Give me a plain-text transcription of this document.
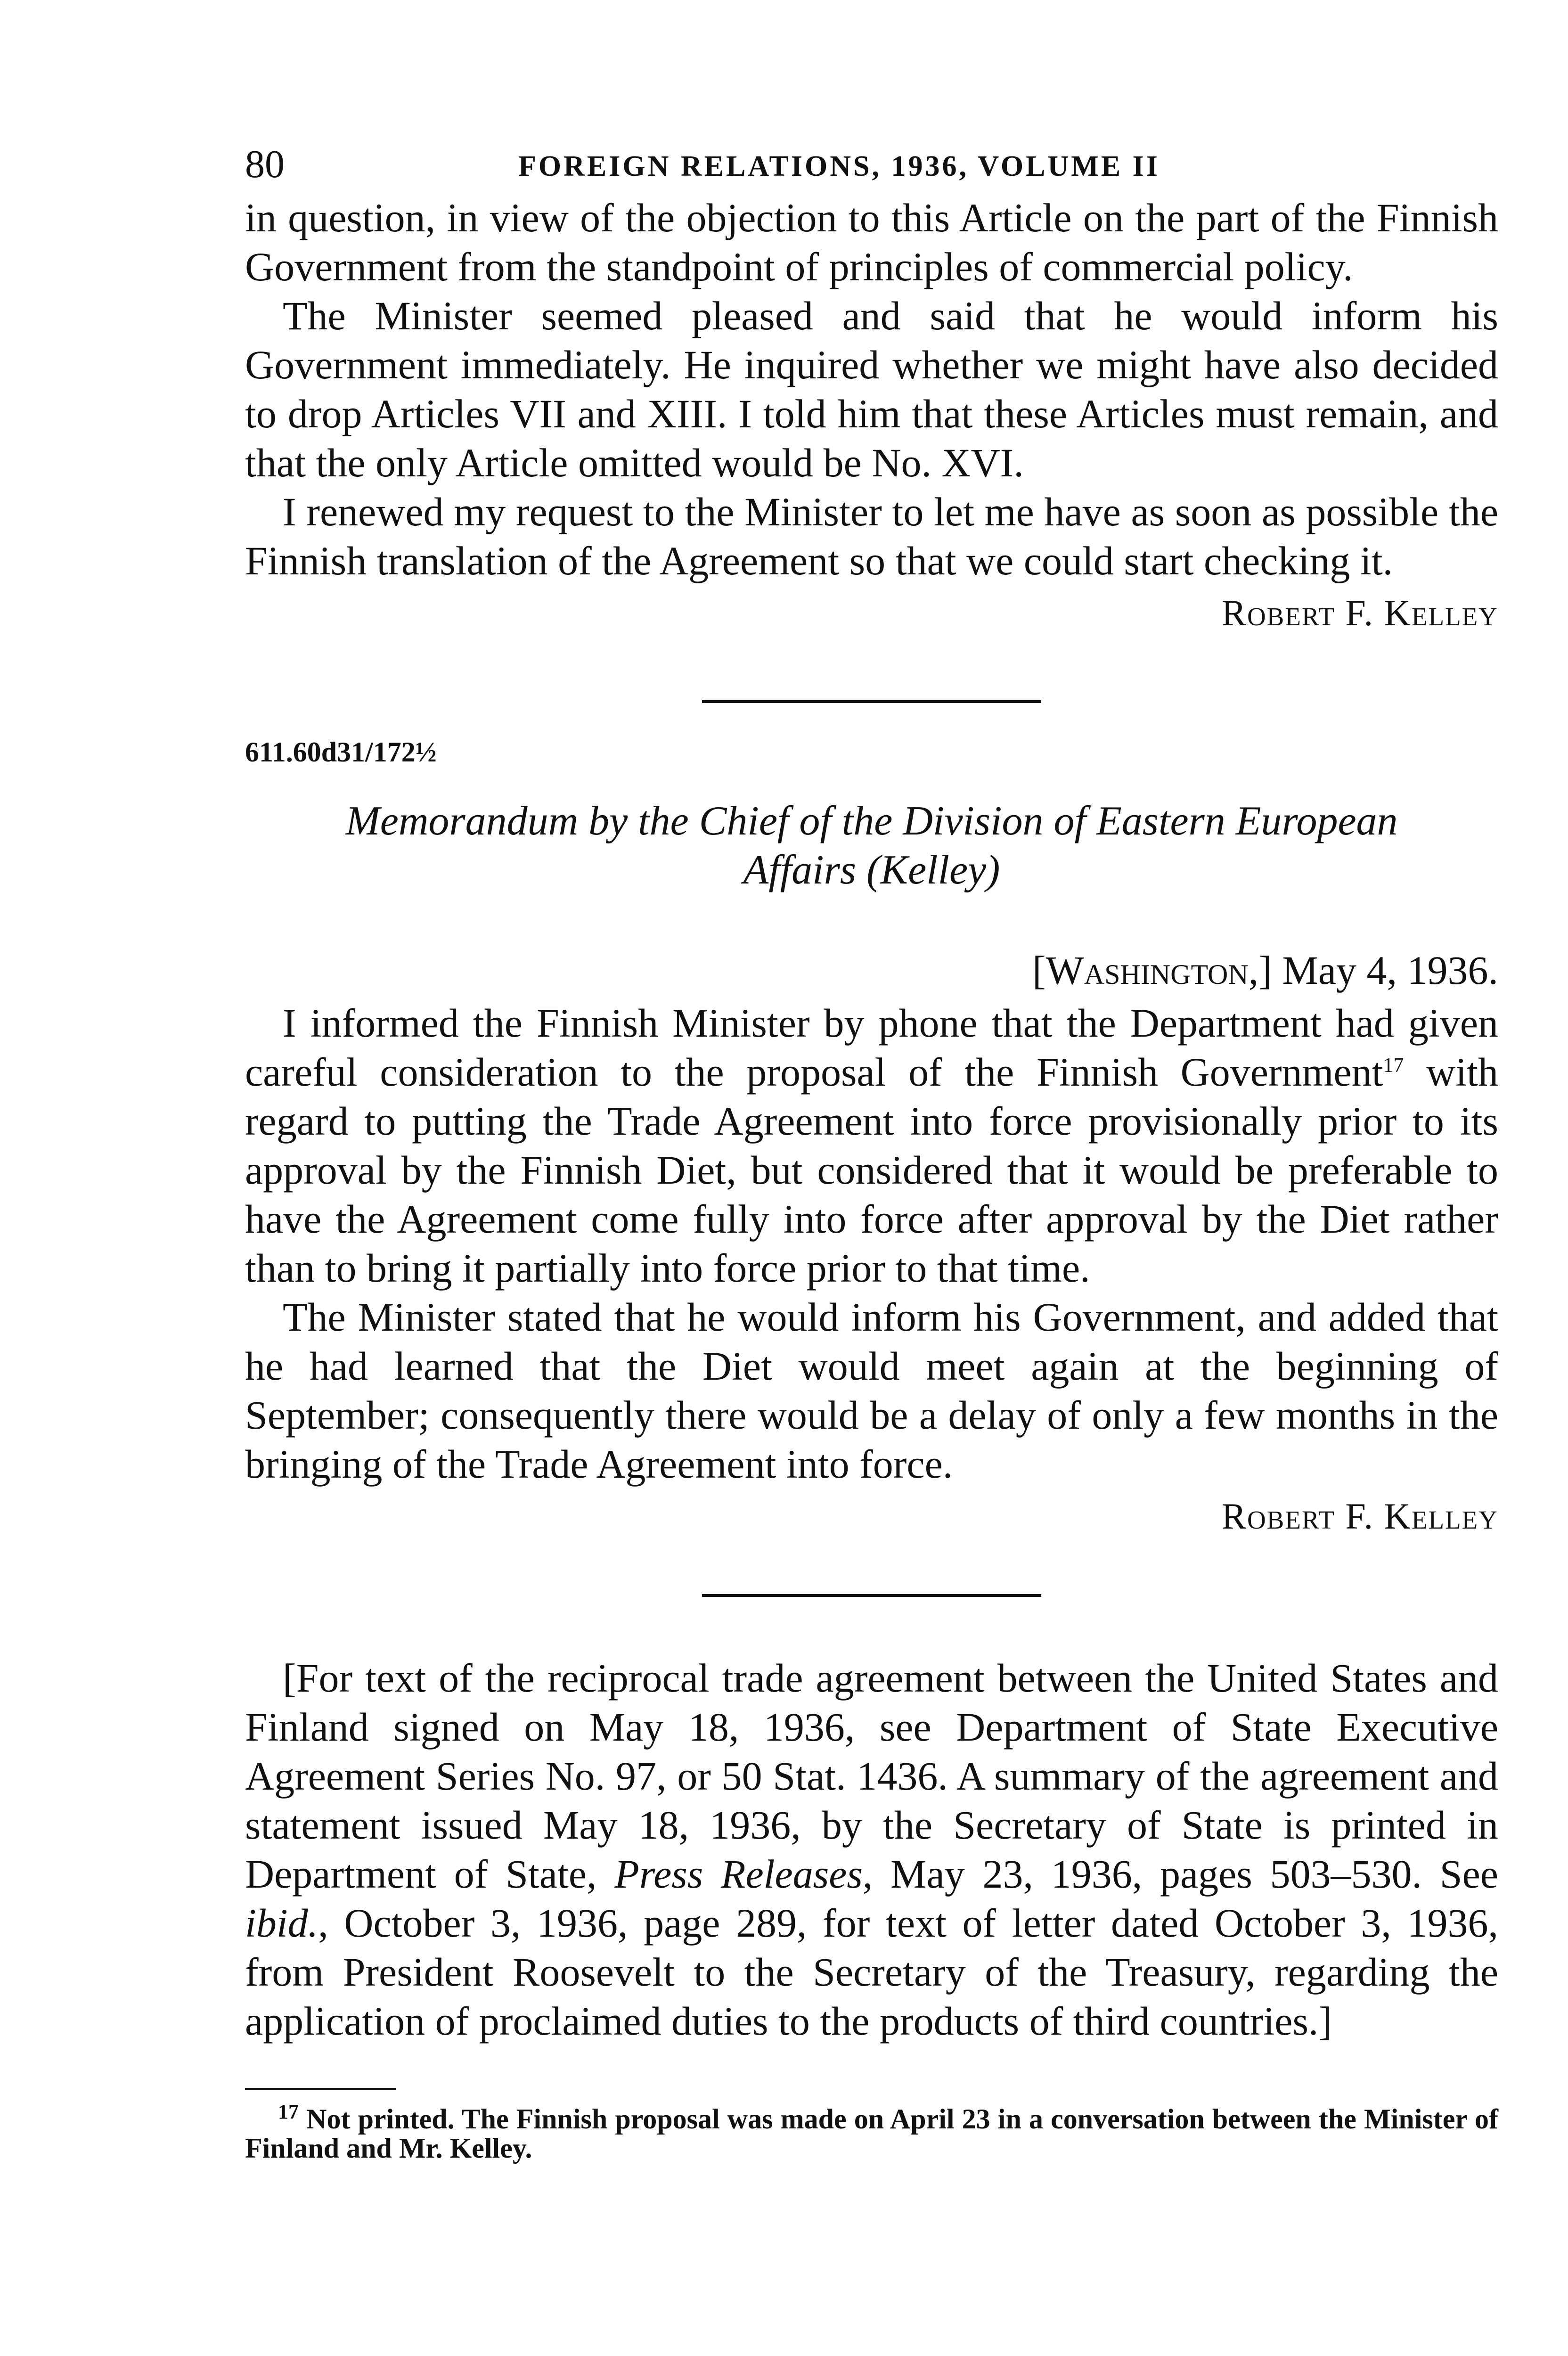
80	FOREIGN RELATIONS, 1936, VOLUME II

in question, in view of the objection to this Article on the part of the Finnish Government from the standpoint of principles of commercial policy.

The Minister seemed pleased and said that he would inform his Government immediately. He inquired whether we might have also decided to drop Articles VII and XIII. I told him that these Articles must remain, and that the only Article omitted would be No. XVI.

I renewed my request to the Minister to let me have as soon as possible the Finnish translation of the Agreement so that we could start checking it.

Robert F. Kelley
611.60d31/172½
Memorandum by the Chief of the Division of Eastern European
Affairs (Kelley)
[Washington,] May 4, 1936.

I informed the Finnish Minister by phone that the Department had given careful consideration to the proposal of the Finnish Government$^{17}$ with regard to putting the Trade Agreement into force provisionally prior to its approval by the Finnish Diet, but considered that it would be preferable to have the Agreement come fully into force after approval by the Diet rather than to bring it partially into force prior to that time.

The Minister stated that he would inform his Government, and added that he had learned that the Diet would meet again at the beginning of September; consequently there would be a delay of only a few months in the bringing of the Trade Agreement into force.

Robert F. Kelley

[For text of the reciprocal trade agreement between the United States and Finland signed on May 18, 1936, see Department of State Executive Agreement Series No. 97, or 50 Stat. 1436. A summary of the agreement and statement issued May 18, 1936, by the Secretary of State is printed in Department of State, Press Releases, May 23, 1936, pages 503–530. See ibid., October 3, 1936, page 289, for text of letter dated October 3, 1936, from President Roosevelt to the Secretary of the Treasury, regarding the application of proclaimed duties to the products of third countries.]

$^{17}$ Not printed. The Finnish proposal was made on April 23 in a conversation between the Minister of Finland and Mr. Kelley.
